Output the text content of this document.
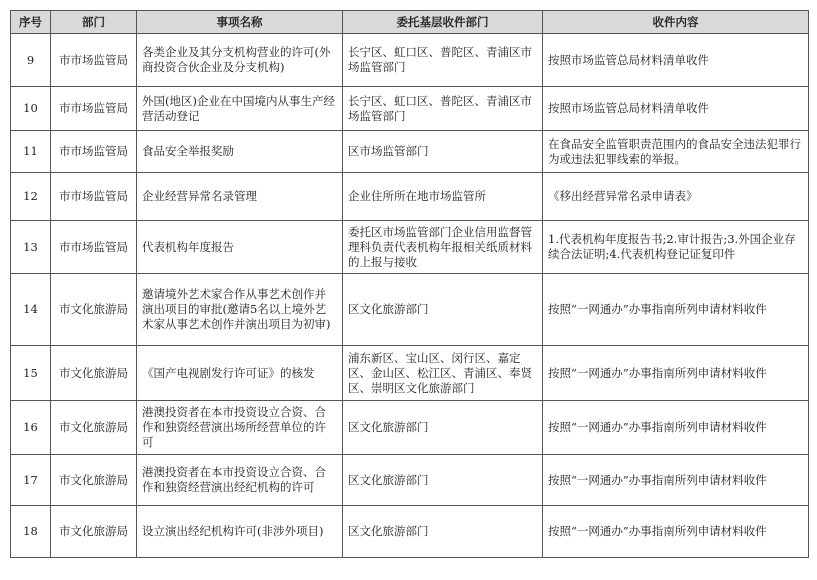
序号	部门	事项名称	委托基层收件部门	收件内容
9	市市场监管局	各类企业及其分支机构营业的许可(外商投资合伙企业及分支机构)	长宁区、虹口区、普陀区、青浦区市场监管部门	按照市场监管总局材料清单收件
10	市市场监管局	外国(地区)企业在中国境内从事生产经营活动登记	长宁区、虹口区、普陀区、青浦区市场监管部门	按照市场监管总局材料清单收件
11	市市场监管局	食品安全举报奖励	区市场监管部门	在食品安全监管职责范围内的食品安全违法犯罪行为或违法犯罪线索的举报。
12	市市场监管局	企业经营异常名录管理	企业住所所在地市场监管所	《移出经营异常名录申请表》
13	市市场监管局	代表机构年度报告	委托区市场监管部门企业信用监督管理科负责代表机构年报相关纸质材料的上报与接收	1.代表机构年度报告书;2.审计报告;3.外国企业存续合法证明;4.代表机构登记证复印件
14	市文化旅游局	邀请境外艺术家合作从事艺术创作并演出项目的审批(邀请5名以上境外艺术家从事艺术创作并演出项目为初审)	区文化旅游部门	按照“一网通办”办事指南所列申请材料收件
15	市文化旅游局	《国产电视剧发行许可证》的核发	浦东新区、宝山区、闵行区、嘉定区、金山区、松江区、青浦区、奉贤区、崇明区文化旅游部门	按照“一网通办”办事指南所列申请材料收件
16	市文化旅游局	港澳投资者在本市投资设立合资、合作和独资经营演出场所经营单位的许可	区文化旅游部门	按照“一网通办”办事指南所列申请材料收件
17	市文化旅游局	港澳投资者在本市投资设立合资、合作和独资经营演出经纪机构的许可	区文化旅游部门	按照“一网通办”办事指南所列申请材料收件
18	市文化旅游局	设立演出经纪机构许可(非涉外项目)	区文化旅游部门	按照“一网通办”办事指南所列申请材料收件
